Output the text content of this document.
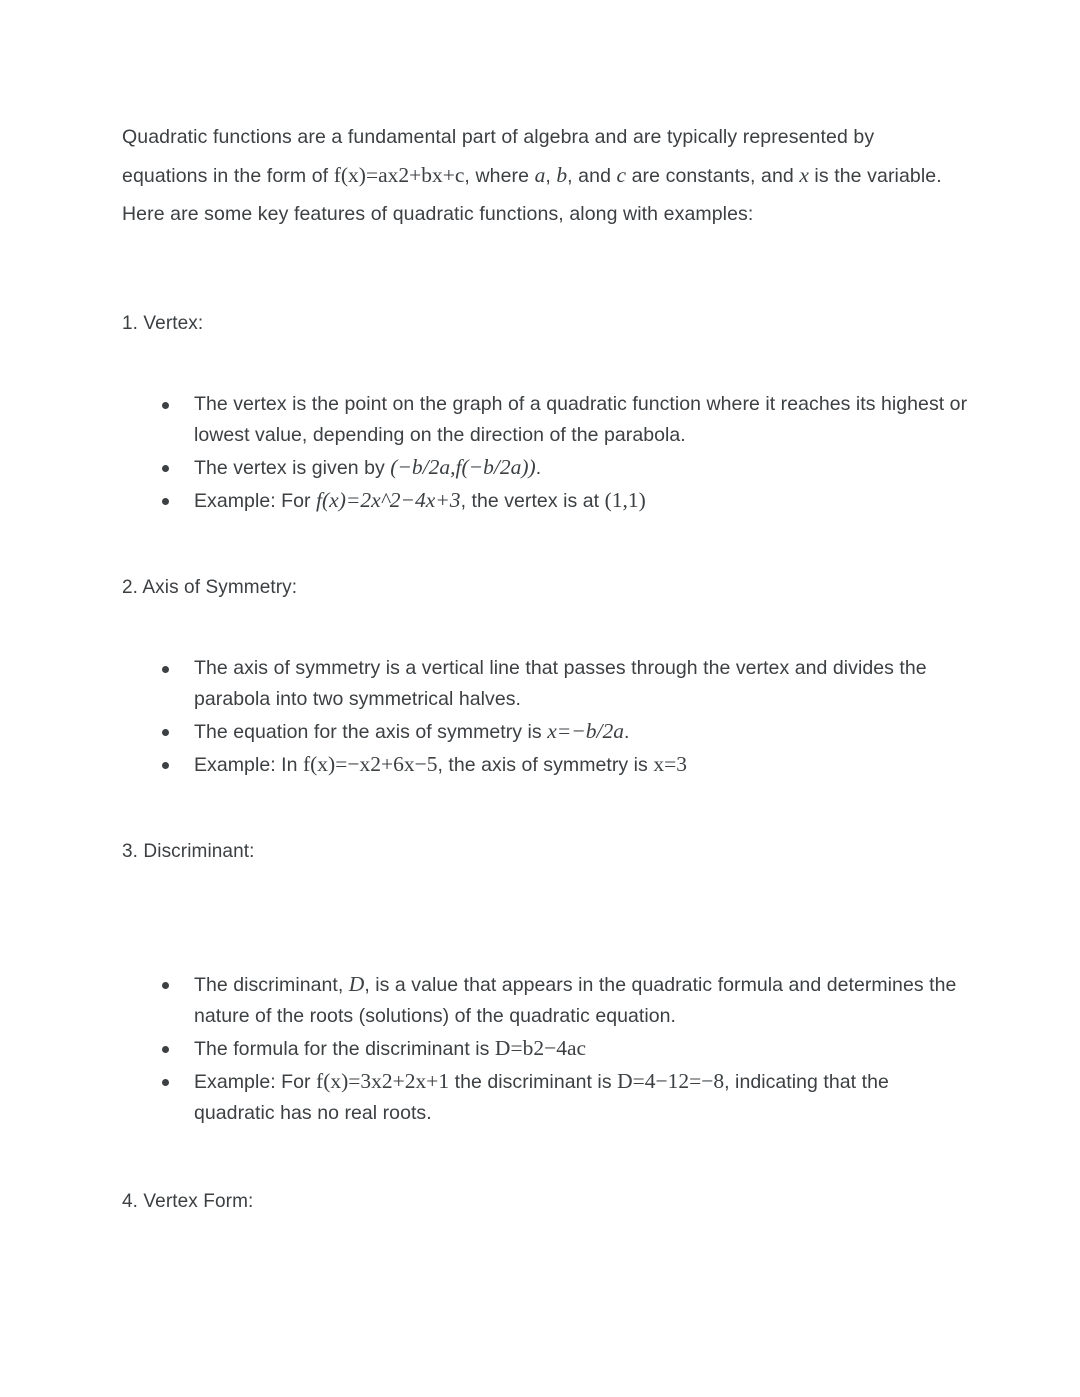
Quadratic functions are a fundamental part of algebra and are typically represented by equations in the form of f(x)=ax2+bx+c, where a, b, and c are constants, and x is the variable. Here are some key features of quadratic functions, along with examples:

1. Vertex:
The vertex is the point on the graph of a quadratic function where it reaches its highest or lowest value, depending on the direction of the parabola.
The vertex is given by (−b/2a,f(−b/2a)).
Example: For f(x)=2x^2−4x+3, the vertex is at (1,1)
2. Axis of Symmetry:
The axis of symmetry is a vertical line that passes through the vertex and divides the parabola into two symmetrical halves.
The equation for the axis of symmetry is x=−b/2a.
Example: In f(x)=−x2+6x−5, the axis of symmetry is x=3
3. Discriminant:
The discriminant, D, is a value that appears in the quadratic formula and determines the nature of the roots (solutions) of the quadratic equation.
The formula for the discriminant is D=b2−4ac
Example: For f(x)=3x2+2x+1 the discriminant is D=4−12=−8, indicating that the quadratic has no real roots.
4. Vertex Form:
